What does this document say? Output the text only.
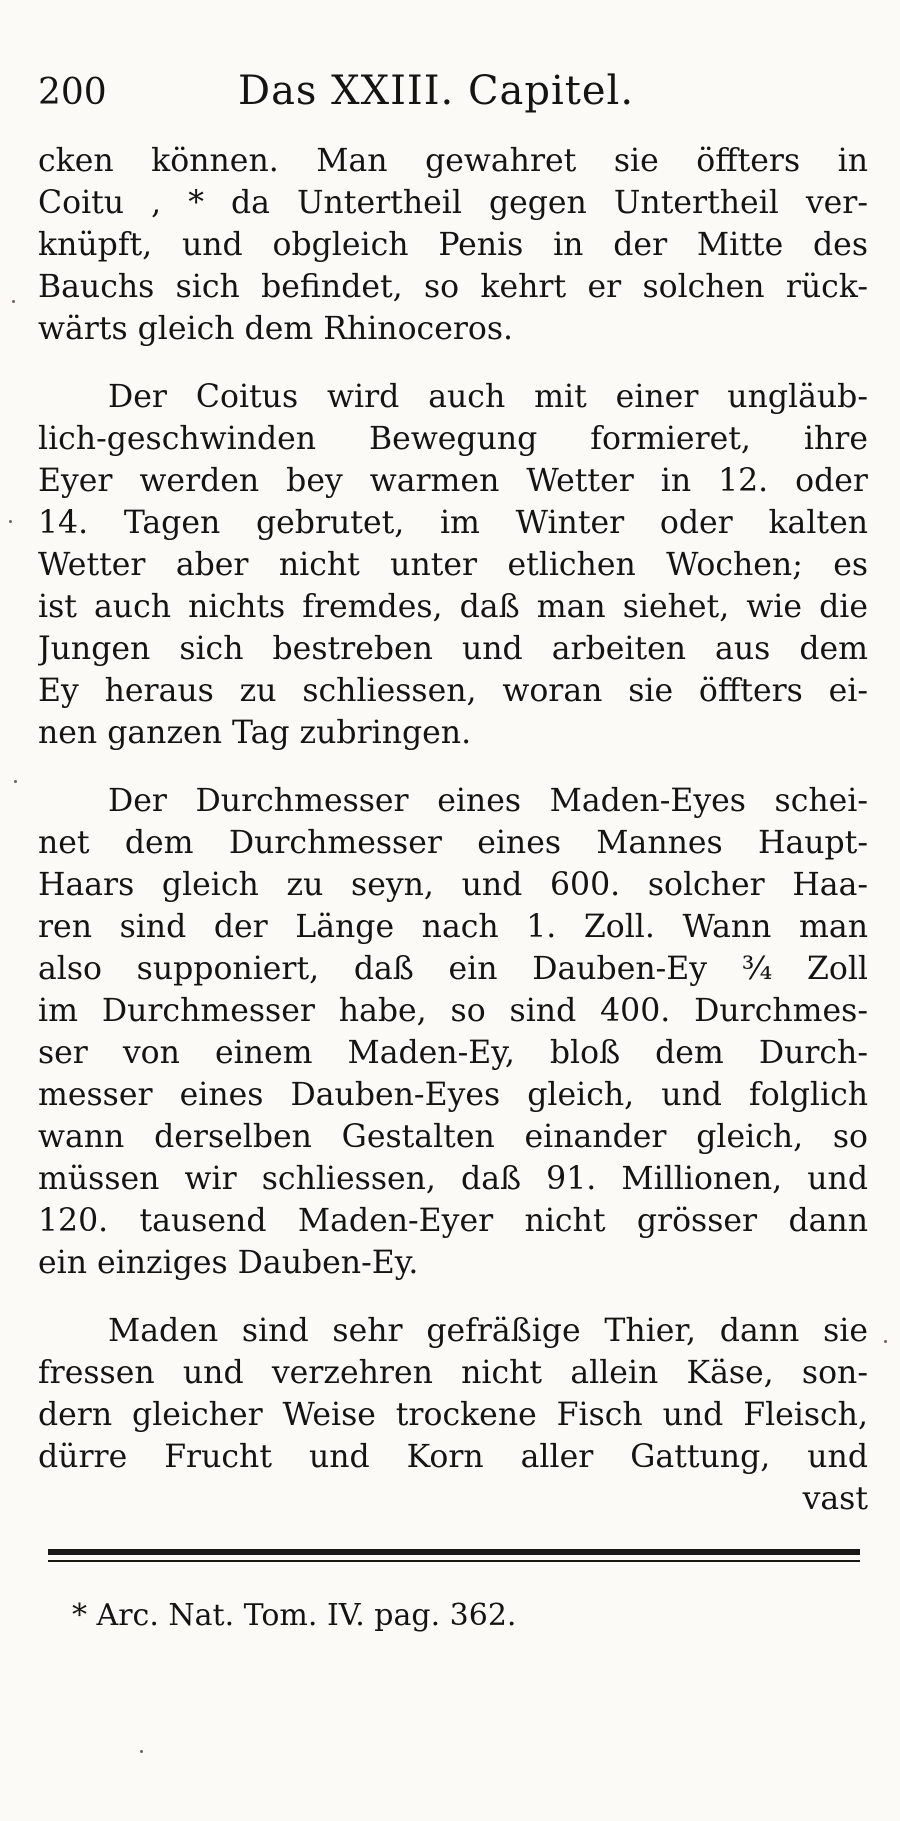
200	Das XXIII. Capitel.
cken können. Man gewahret sie öffters in
Coitu , * da Untertheil gegen Untertheil ver-
knüpft, und obgleich Penis in der Mitte des
Bauchs sich befindet, so kehrt er solchen rück-
wärts gleich dem Rhinoceros.
Der Coitus wird auch mit einer ungläub-
lich-geschwinden Bewegung formieret, ihre
Eyer werden bey warmen Wetter in 12. oder
14. Tagen gebrutet, im Winter oder kalten
Wetter aber nicht unter etlichen Wochen; es
ist auch nichts fremdes, daß man siehet, wie die
Jungen sich bestreben und arbeiten aus dem
Ey heraus zu schliessen, woran sie öffters ei-
nen ganzen Tag zubringen.
Der Durchmesser eines Maden-Eyes schei-
net dem Durchmesser eines Mannes Haupt-
Haars gleich zu seyn, und 600. solcher Haa-
ren sind der Länge nach 1. Zoll. Wann man
also supponiert, daß ein Dauben-Ey ¾ Zoll
im Durchmesser habe, so sind 400. Durchmes-
ser von einem Maden-Ey, bloß dem Durch-
messer eines Dauben-Eyes gleich, und folglich
wann derselben Gestalten einander gleich, so
müssen wir schliessen, daß 91. Millionen, und
120. tausend Maden-Eyer nicht grösser dann
ein einziges Dauben-Ey.
Maden sind sehr gefräßige Thier, dann sie
fressen und verzehren nicht allein Käse, son-
dern gleicher Weise trockene Fisch und Fleisch,
dürre Frucht und Korn aller Gattung, und
vast
* Arc. Nat. Tom. IV. pag. 362.
